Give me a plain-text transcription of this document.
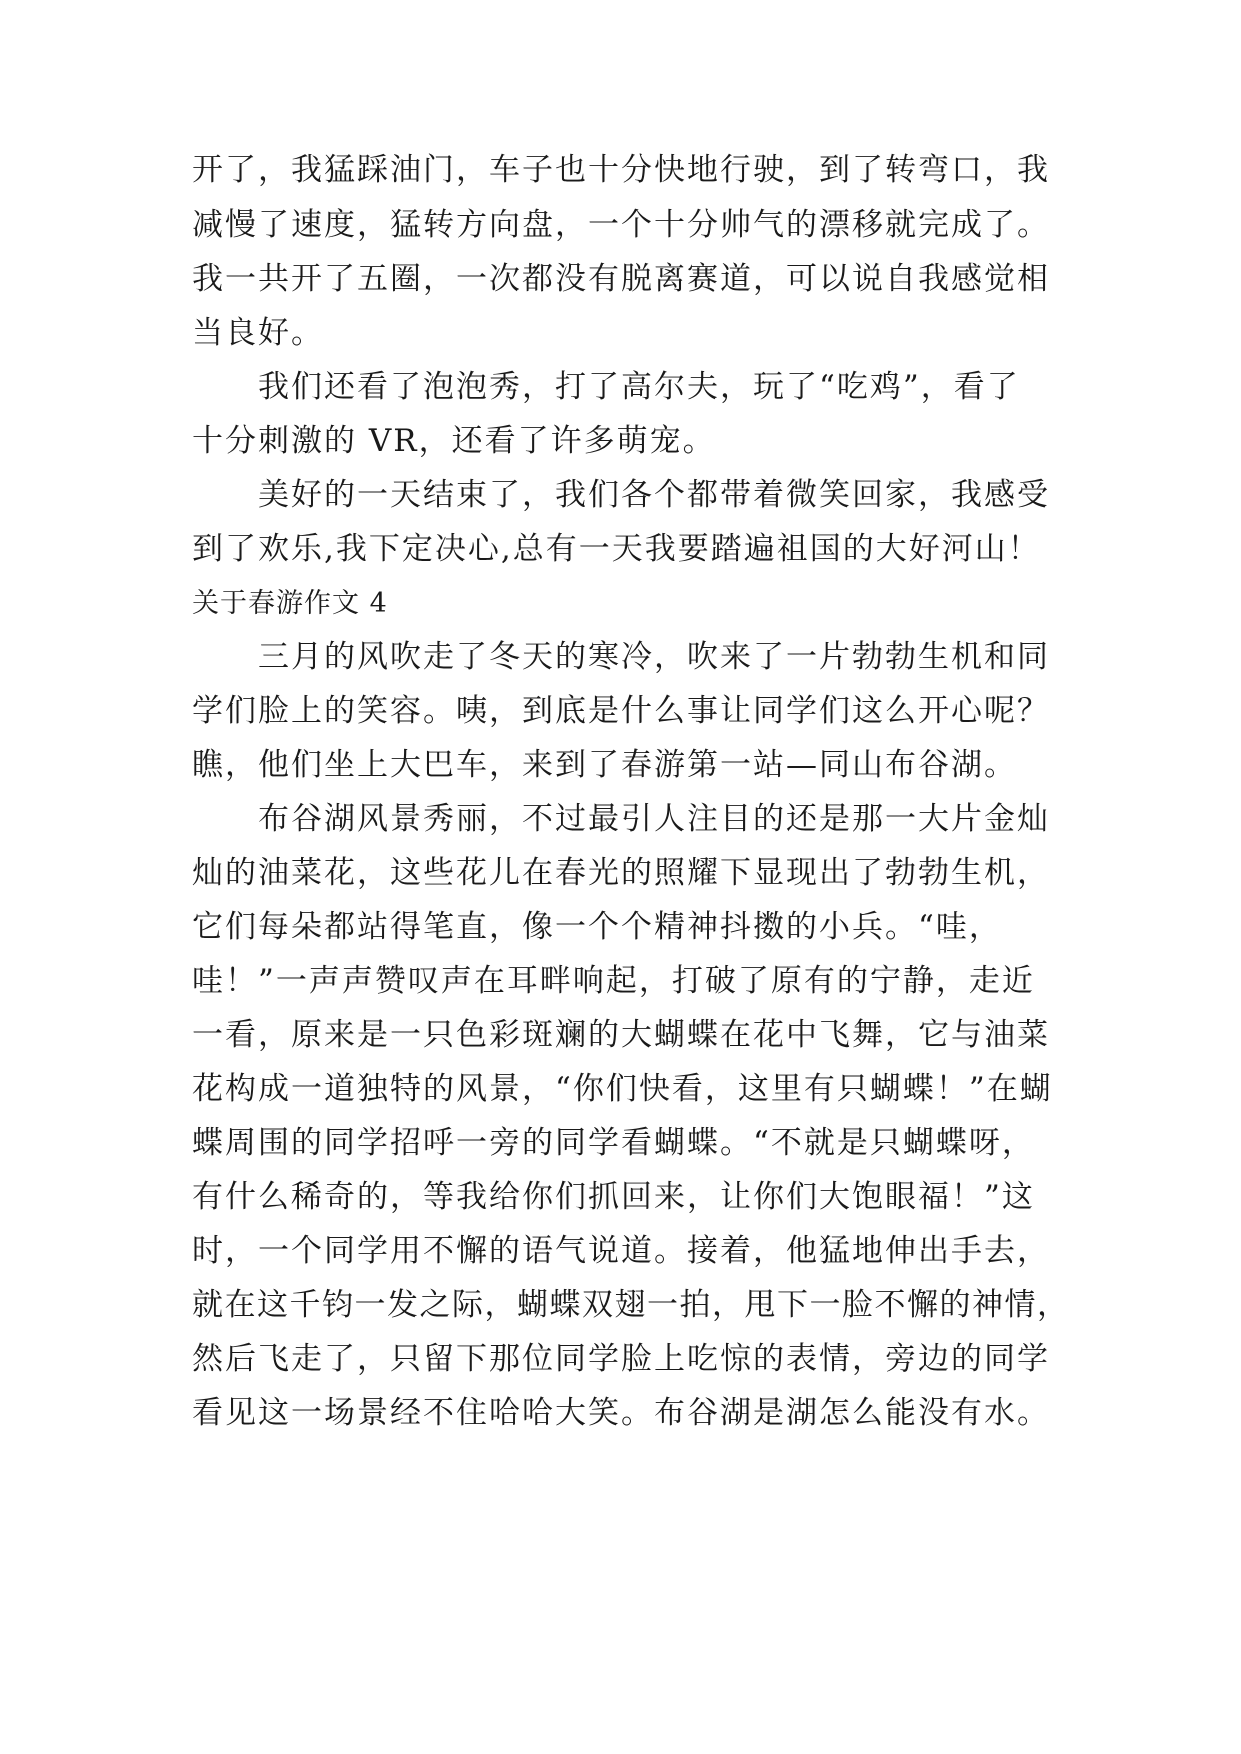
开了，我猛踩油门，车子也十分快地行驶，到了转弯口，我
减慢了速度，猛转方向盘，一个十分帅气的漂移就完成了。
我一共开了五圈，一次都没有脱离赛道，可以说自我感觉相
当良好。
我们还看了泡泡秀，打了高尔夫，玩了“吃鸡”，看了
十分刺激的 VR，还看了许多萌宠。
美好的一天结束了，我们各个都带着微笑回家，我感受
到了欢乐,我下定决心,总有一天我要踏遍祖国的大好河山！
关于春游作文 4
三月的风吹走了冬天的寒冷，吹来了一片勃勃生机和同
学们脸上的笑容。咦，到底是什么事让同学们这么开心呢？
瞧，他们坐上大巴车，来到了春游第一站—同山布谷湖。
布谷湖风景秀丽，不过最引人注目的还是那一大片金灿
灿的油菜花，这些花儿在春光的照耀下显现出了勃勃生机，
它们每朵都站得笔直，像一个个精神抖擞的小兵。“哇，
哇！”一声声赞叹声在耳畔响起，打破了原有的宁静，走近
一看，原来是一只色彩斑斓的大蝴蝶在花中飞舞，它与油菜
花构成一道独特的风景，“你们快看，这里有只蝴蝶！”在蝴
蝶周围的同学招呼一旁的同学看蝴蝶。“不就是只蝴蝶呀，
有什么稀奇的，等我给你们抓回来，让你们大饱眼福！”这
时，一个同学用不懈的语气说道。接着，他猛地伸出手去，
就在这千钧一发之际，蝴蝶双翅一拍，甩下一脸不懈的神情，
然后飞走了，只留下那位同学脸上吃惊的表情，旁边的同学
看见这一场景经不住哈哈大笑。布谷湖是湖怎么能没有水。
